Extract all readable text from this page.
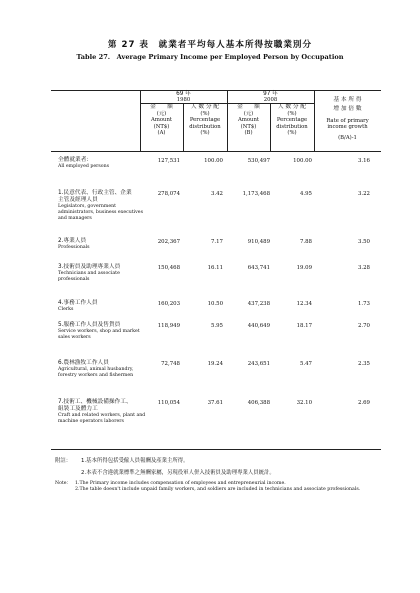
第 27 表　就業者平均每人基本所得按職業別分
Table 27.　Average Primary Income per Employed Person by Occupation
69 年
1980
97 年
2008
金　　額
(元)
Amount
(NT$)
(A)
人 數 分 配
(%)
Percentage
distribution
(%)
金　　額
(元)
Amount
(NT$)
(B)
人 數 分 配
(%)
Percentage
distribution
(%)
基 本 所 得
增 加 倍 數
Rate of primary
income growth
(B/A)-1
全體就業者：
All employed persons
127,531	100.00	530,497	100.00	3.16
1.民意代表、行政主管、企業主管及經理人員
Legislators, government administrators, business executives and managers
278,074	3.42	1,173,468	4.95	3.22
2.專業人員
Professionals
202,367	7.17	910,489	7.88	3.50
3.技術員及助理專業人員
Technicians and associate professionals
150,468	16.11	643,741	19.09	3.28
4.事務工作人員
Clerks
160,203	10.50	437,238	12.34	1.73
5.服務工作人員及售貨員
Service workers, shop and market sales workers
118,949	5.95	440,649	18.17	2.70
6.農林漁牧工作人員
Agricultural, animal husbandry, forestry workers and fishermen
72,748	19.24	243,651	5.47	2.35
7.技術工、機械設備操作工、組裝工及體力工
Craft and related workers, plant and machine operators laborers
110,054	37.61	406,388	32.10	2.69
附註： 1.基本所得包括受僱人員報酬及產業主所得。
2.本表不含違就業標準之無酬家屬，另現役軍人併入技術員及助理專業人員統計。
Note： 1.The Primary income includes compensation of employees and entrepreneurial income.
2.The table doesn't include unpaid family workers, and soldiers are included in technicians and associate professionals.
